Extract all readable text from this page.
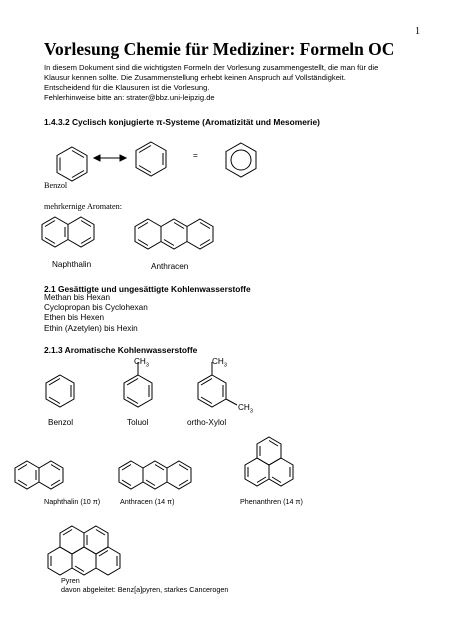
1
Vorlesung Chemie für Mediziner: Formeln OC
In diesem Dokument sind die wichtigsten Formeln der Vorlesung zusammengestellt, die man für die
Klausur kennen sollte. Die Zusammenstellung erhebt keinen Anspruch auf Vollständigkeit.
Entscheidend für die Klausuren ist die Vorlesung.
Fehlerhinweise bitte an: strater@bbz.uni-leipzig.de
1.4.3.2 Cyclisch konjugierte π-Systeme (Aromatizität und Mesomerie)
=
Benzol
mehrkernige Aromaten:
Naphthalin	Anthracen
2.1 Gesättigte und ungesättigte Kohlenwasserstoffe
Methan bis Hexan
Cyclopropan bis Cyclohexan
Ethen bis Hexen
Ethin (Azetylen) bis Hexin
2.1.3 Aromatische Kohlenwasserstoffe
Benzol	Toluol	ortho-Xylol
Naphthalin (10 π)	Anthracen (14 π)	Phenanthren (14 π)
Pyren
davon abgeleitet: Benz[a]pyren, starkes Cancerogen
$CH_3$	$CH_3$
$CH_3$
